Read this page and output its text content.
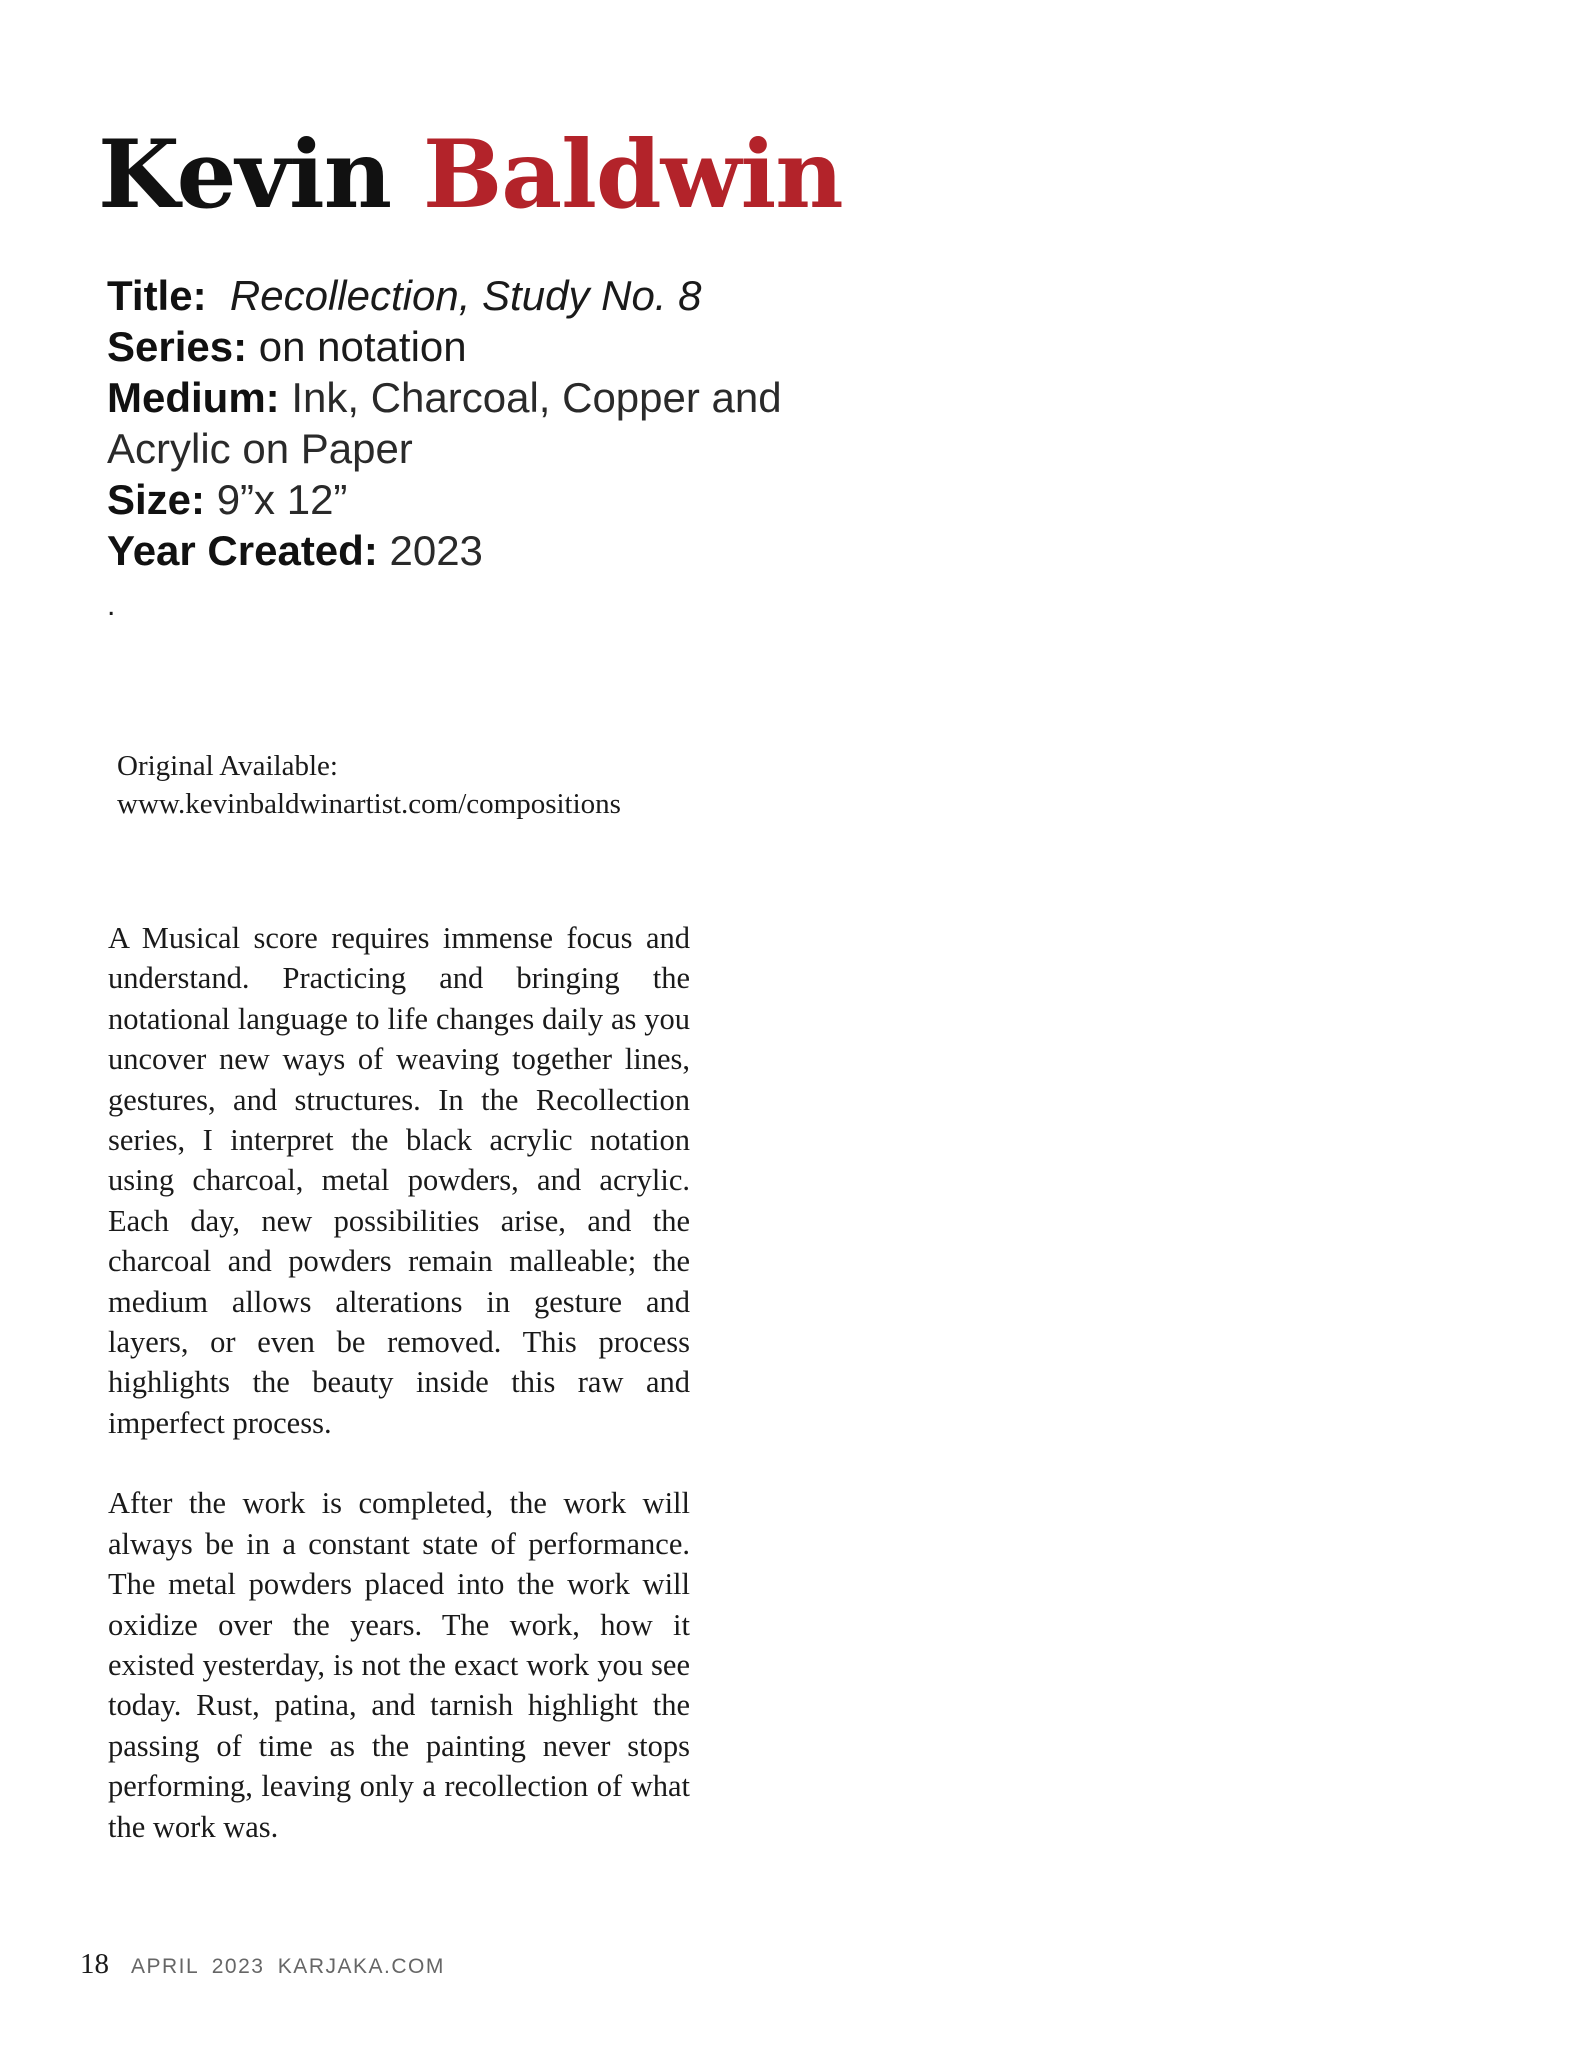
Kevin Baldwin
Title: Recollection, Study No. 8
Series: on notation
Medium: Ink, Charcoal, Copper and
Acrylic on Paper
Size: 9”x 12”
Year Created: 2023
.
Original Available:
www.kevinbaldwinartist.com/compositions

A Musical score requires immense focus and understand. Practicing and bringing the notational language to life changes daily as you uncover new ways of weaving together lines, gestures, and structures. In the Recollection series, I interpret the black acrylic notation using charcoal, metal powders, and acrylic. Each day, new possibilities arise, and the charcoal and powders remain malleable; the medium allows alterations in gesture and layers, or even be removed. This process highlights the beauty inside this raw and imperfect process.

After the work is completed, the work will always be in a constant state of performance. The metal powders placed into the work will oxidize over the years. The work, how it existed yesterday, is not the exact work you see today. Rust, patina, and tarnish highlight the passing of time as the painting never stops performing, leaving only a recollection of what the work was.

18 APRIL 2023 KARJAKA.COM
